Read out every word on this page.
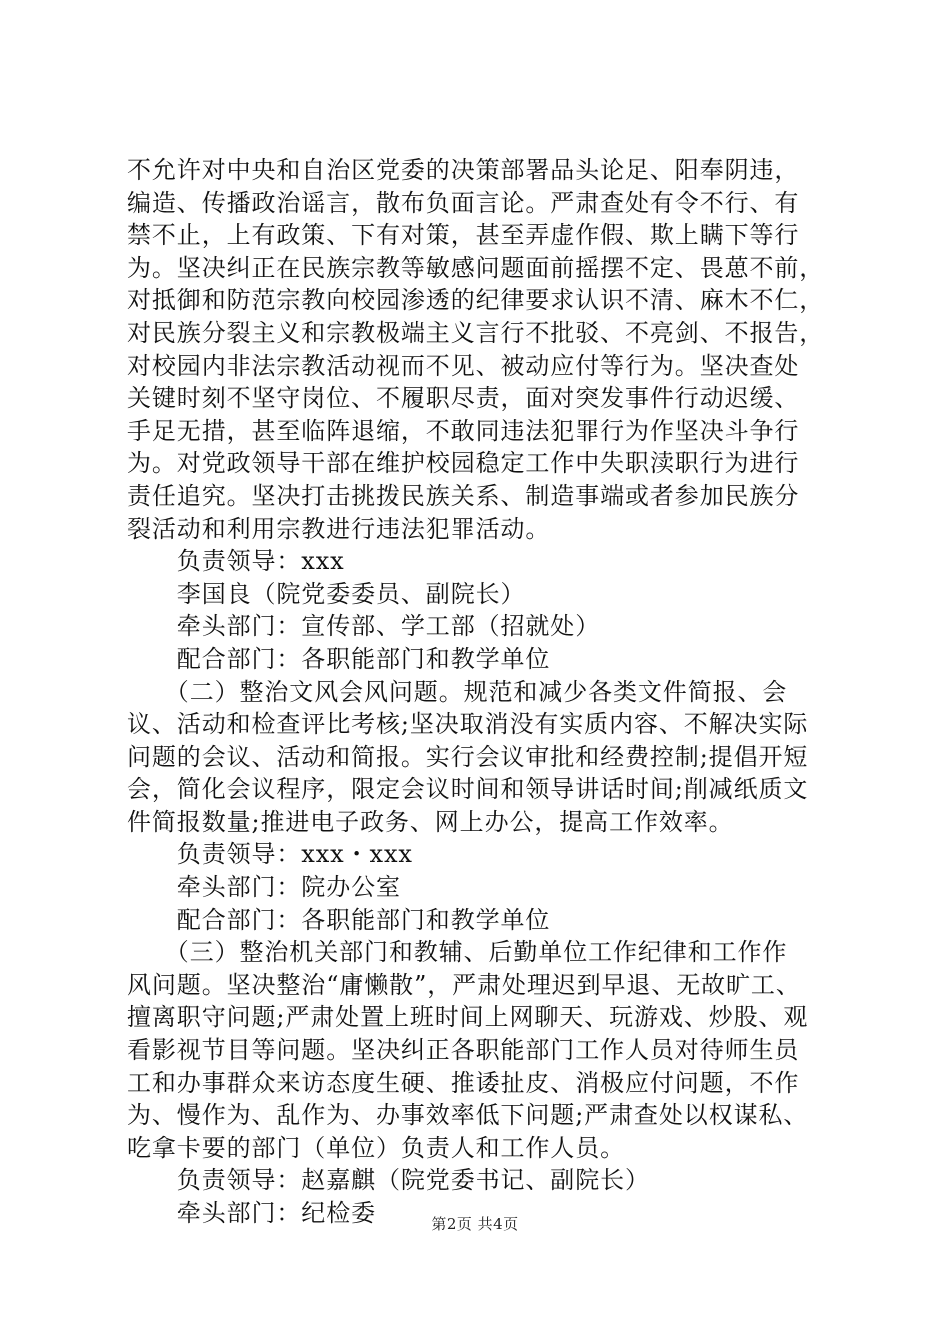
不允许对中央和自治区党委的决策部署品头论足、阳奉阴违，
编造、传播政治谣言，散布负面言论。严肃查处有令不行、有
禁不止，上有政策、下有对策，甚至弄虚作假、欺上瞒下等行
为。坚决纠正在民族宗教等敏感问题面前摇摆不定、畏葸不前，
对抵御和防范宗教向校园渗透的纪律要求认识不清、麻木不仁，
对民族分裂主义和宗教极端主义言行不批驳、不亮剑、不报告，
对校园内非法宗教活动视而不见、被动应付等行为。坚决查处
关键时刻不坚守岗位、不履职尽责，面对突发事件行动迟缓、
手足无措，甚至临阵退缩，不敢同违法犯罪行为作坚决斗争行
为。对党政领导干部在维护校园稳定工作中失职渎职行为进行
责任追究。坚决打击挑拨民族关系、制造事端或者参加民族分
裂活动和利用宗教进行违法犯罪活动。
　　负责领导：xxx
　　李国良（院党委委员、副院长）
　　牵头部门：宣传部、学工部（招就处）
　　配合部门：各职能部门和教学单位
　　（二）整治文风会风问题。规范和减少各类文件简报、会
议、活动和检查评比考核;坚决取消没有实质内容、不解决实际
问题的会议、活动和简报。实行会议审批和经费控制;提倡开短
会，简化会议程序，限定会议时间和领导讲话时间;削减纸质文
件简报数量;推进电子政务、网上办公，提高工作效率。
　　负责领导：xxx・xxx
　　牵头部门：院办公室
　　配合部门：各职能部门和教学单位
　　（三）整治机关部门和教辅、后勤单位工作纪律和工作作
风问题。坚决整治“庸懒散”，严肃处理迟到早退、无故旷工、
擅离职守问题;严肃处置上班时间上网聊天、玩游戏、炒股、观
看影视节目等问题。坚决纠正各职能部门工作人员对待师生员
工和办事群众来访态度生硬、推诿扯皮、消极应付问题，不作
为、慢作为、乱作为、办事效率低下问题;严肃查处以权谋私、
吃拿卡要的部门（单位）负责人和工作人员。
　　负责领导：赵嘉麒（院党委书记、副院长）
　　牵头部门：纪检委	第2页 共4页
